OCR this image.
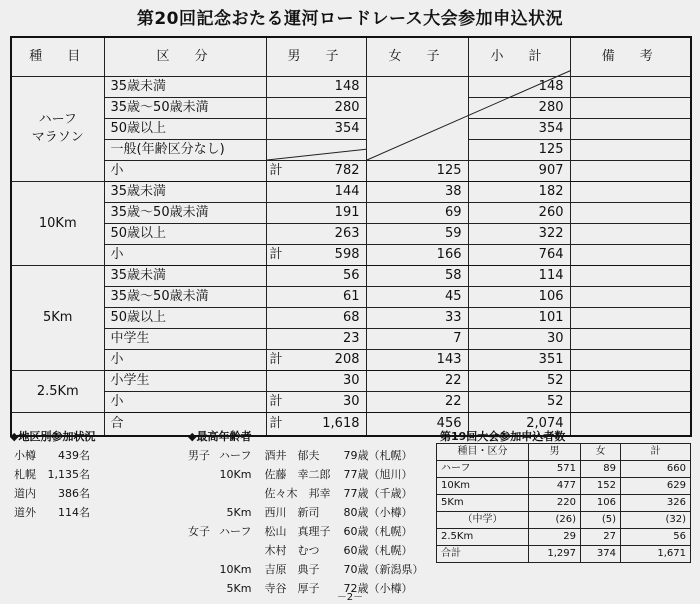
第20回記念おたる運河ロードレース大会参加申込状況
種　目	区　分	男　子	女　子	小　計	備　考
ハーフ
マラソン	35歳未満	148		148	
	35歳～50歳未満	280		280	
	50歳以上	354		354	
	一般(年齢区分なし)			125	
	小　　計	782	125	907	
10Km	35歳未満	144	38	182	
	35歳～50歳未満	191	69	260	
	50歳以上	263	59	322	
	小　　計	598	166	764	
5Km	35歳未満	56	58	114	
	35歳～50歳未満	61	45	106	
	50歳以上	68	33	101	
	中学生	23	7	30	
	小　　計	208	143	351	
2.5Km	小学生	30	22	52	
	小　　計	30	22	52	
	合　　計	1,618	456	2,074	
◆地区別参加状況
小樽	439名
札幌	1,135名
道内	386名
道外	114名
◆最高年齢者
男子	ハーフ	酒井　郁夫	79歳（札幌）
	10Km	佐藤　幸二郎	77歳（旭川）
		佐々木　邦幸	77歳（千歳）
	5Km	西川　新司	80歳（小樽）
女子	ハーフ	松山　真理子	60歳（札幌）
		木村　むつ	60歳（札幌）
	10Km	吉原　典子	70歳（新潟県）
	5Km	寺谷　厚子	72歳（小樽）
第19回大会参加申込者数
種目・区分	男	女	計
ハーフ	571	89	660
10Km	477	152	629
5Km	220	106	326
（中学）	(26)	(5)	(32)
2.5Km	29	27	56
合計	1,297	374	1,671
－2－
